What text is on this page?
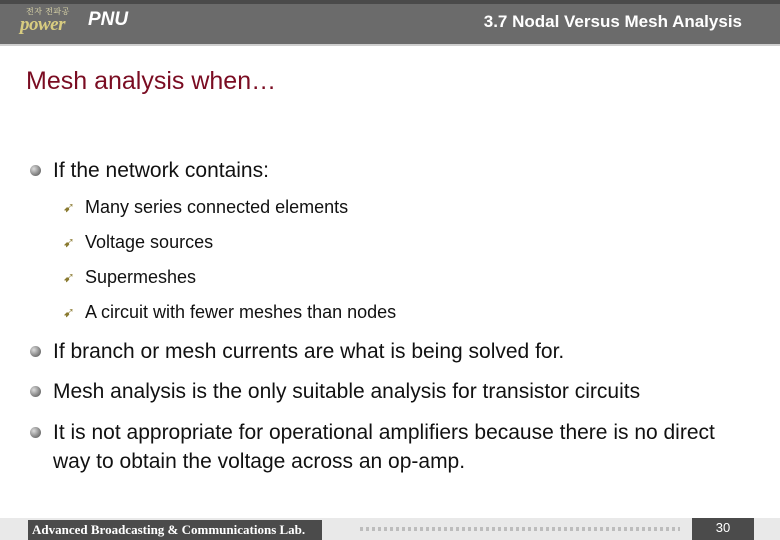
전자 전파공
power PNU	3.7 Nodal Versus Mesh Analysis
Mesh analysis when…
If the network contains:
➹ Many series connected elements
➹ Voltage sources
➹ Supermeshes
➹ A circuit with fewer meshes than nodes
If branch or mesh currents are what is being solved for.
Mesh analysis is the only suitable analysis for transistor circuits
It is not appropriate for operational amplifiers because there is no direct way to obtain the voltage across an op-amp.
Advanced Broadcasting & Communications Lab.	30
